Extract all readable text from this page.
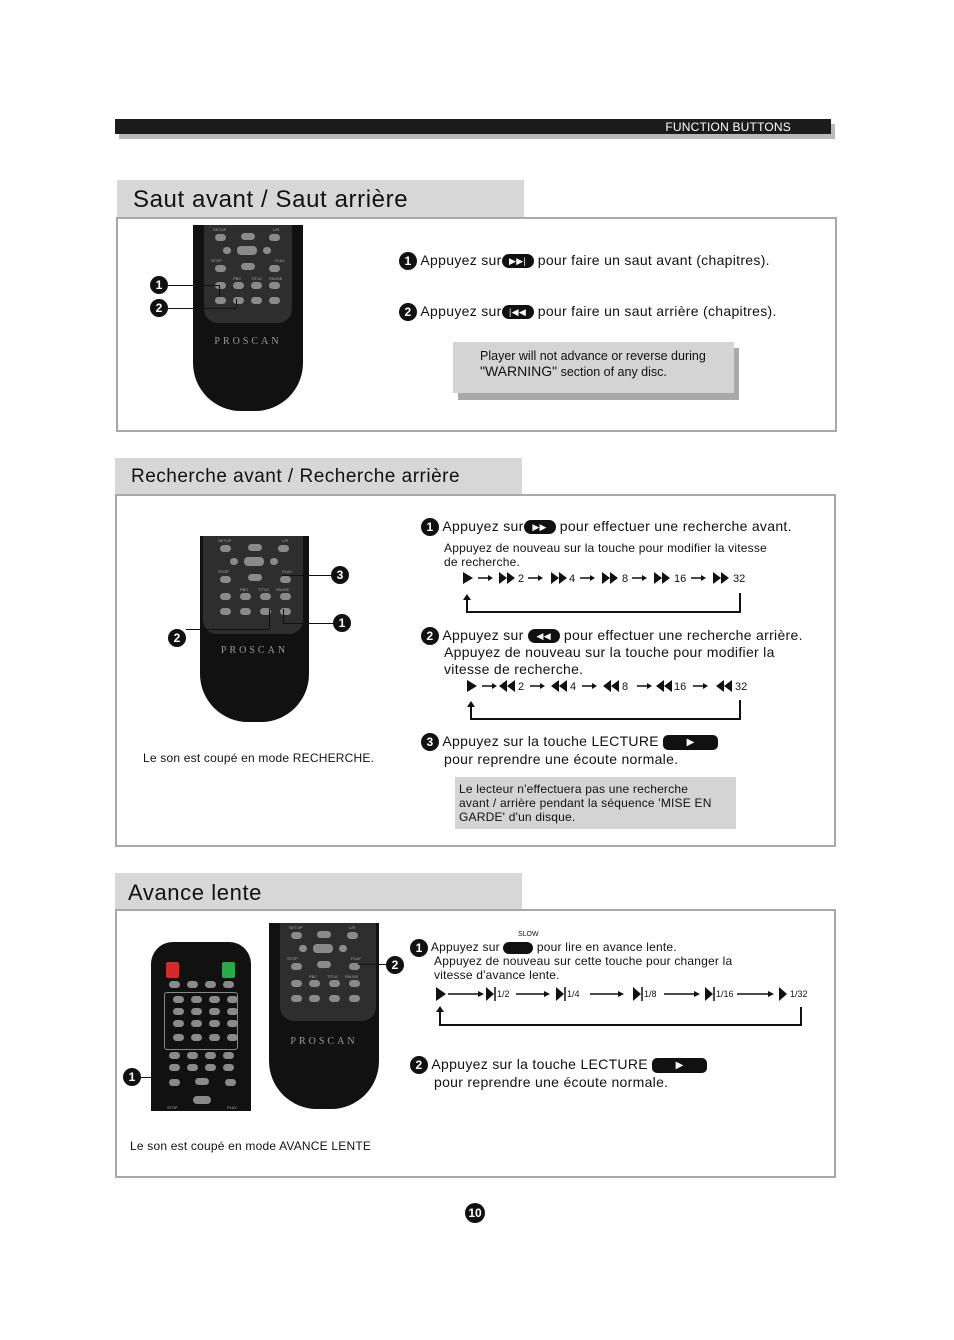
FUNCTION BUTTONS
Saut avant / Saut arrière
SETUP	L/R
STOP	PLAY
PBC TITLE PAUSE
PROSCAN
1
2
1 Appuyez sur ▶▶| pour faire un saut avant (chapitres).
2 Appuyez sur |◀◀ pour faire un saut arrière (chapitres).
Player will not advance or reverse during
"WARNING" section of any disc.
Recherche avant / Recherche arrière
SETUP	L/R
STOP	PLAY
PBC TITLE PAUSE
PROSCAN
3
1
2
1 Appuyez sur ▶▶ pour effectuer une recherche avant.
Appuyez de nouveau sur la touche pour modifier la vitesse
de recherche.
2	4	8	16	32
2 Appuyez sur ◀◀ pour effectuer une recherche arrière.
Appuyez de nouveau sur la touche pour modifier la
vitesse de recherche.
2	4	8	16	32
3 Appuyez sur la touche LECTURE	▶
pour reprendre une écoute normale.
Le son est coupé en mode RECHERCHE.
Le lecteur n'effectuera pas une recherche
avant / arrière pendant la séquence 'MISE EN
GARDE' d'un disque.
Avance lente
STOP	PLAY
SETUP	L/R
STOP	PLAY
PBC TITLE PAUSE
PROSCAN
2
1
SLOW
1 Appuyez sur	pour lire en avance lente.
Appuyez de nouveau sur cette touche pour changer la
vitesse d'avance lente.
1/2	1/4	1/8	1/16	1/32
2 Appuyez sur la touche LECTURE	▶
pour reprendre une écoute normale.
Le son est coupé en mode AVANCE LENTE
10
